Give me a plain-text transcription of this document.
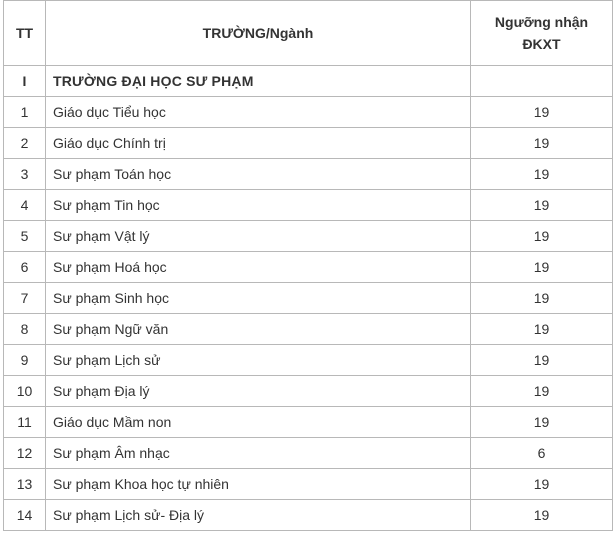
TT	TRƯỜNG/Ngành	Ngưỡng nhận
ĐKXT
I	TRƯỜNG ĐẠI HỌC SƯ PHẠM	
1	Giáo dục Tiểu học	19
2	Giáo dục Chính trị	19
3	Sư phạm Toán học	19
4	Sư phạm Tin học	19
5	Sư phạm Vật lý	19
6	Sư phạm Hoá học	19
7	Sư phạm Sinh học	19
8	Sư phạm Ngữ văn	19
9	Sư phạm Lịch sử	19
10	Sư phạm Địa lý	19
11	Giáo dục Mầm non	19
12	Sư phạm Âm nhạc	6
13	Sư phạm Khoa học tự nhiên	19
14	Sư phạm Lịch sử- Địa lý	19
